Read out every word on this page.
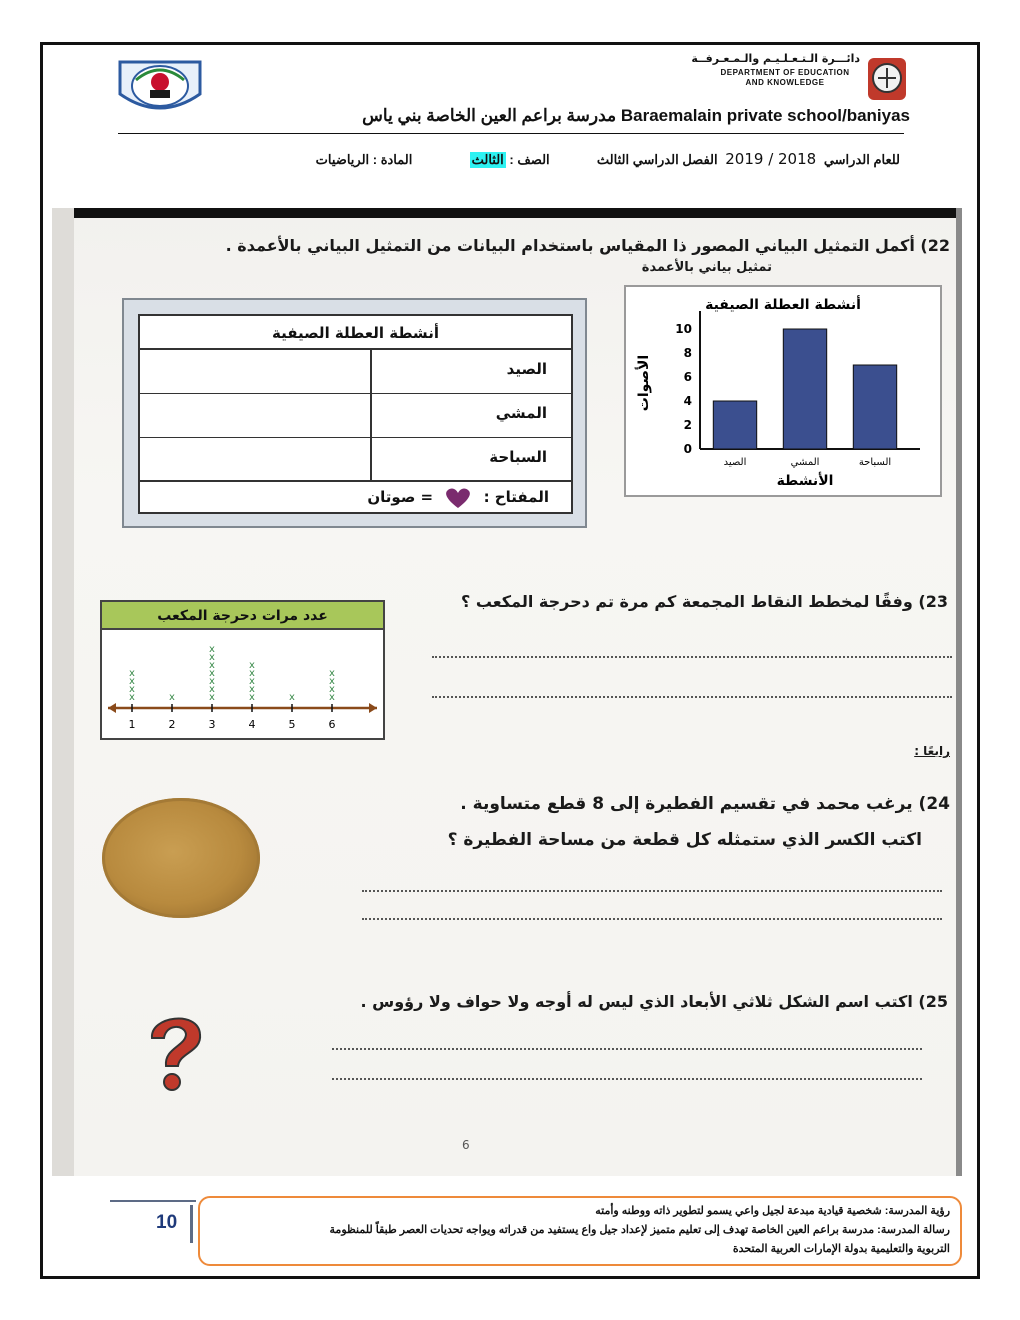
دائـــرة الـتـعـلـيـم والـمـعـرفــة
DEPARTMENT OF EDUCATION
AND KNOWLEDGE
مدرسة براعم العين الخاصة بني ياس Baraemalain private school/baniyas
للعام الدراسي 2018 / 2019 الفصل الدراسي الثالث  الصف : الثالث  المادة : الرياضيات
22) أكمل التمثيل البياني المصور ذا المقياس باستخدام البيانات من التمثيل البياني بالأعمدة .
تمثيل بياني بالأعمدة
أنشطة العطلة الصيفية
0
2
4
6
8
10
الصيد	المشي	السباحة
الأنشطة
الأصوات
أنشطة العطلة الصيفية
الصيد
المشي
السباحة
المفتاح :  = صوتان
23) وفقًا لمخطط النقاط المجمعة كم مرة تم دحرجة المكعب ؟
عدد مرات دحرجة المكعب
1
x
x
x
x
2
x
3
x
x
x
x
x
x
x
4
x
x
x
x
x
5
x
6
x
x
x
x
رابعًا :
24) يرغب محمد في تقسيم الفطيرة إلى 8 قطع متساوية .
اكتب الكسر الذي ستمثله كل قطعة من مساحة الفطيرة ؟
25) اكتب اسم الشكل ثلاثي الأبعاد الذي ليس له أوجه ولا حواف ولا رؤوس .
6
10
رؤية المدرسة: شخصية قيادية مبدعة لجيل واعي يسمو لتطوير ذاته ووطنه وأمته
رسالة المدرسة: مدرسة براعم العين الخاصة تهدف إلى تعليم متميز لإعداد جيل واع يستفيد من قدراته ويواجه تحديات العصر طبقاً للمنظومة
التربوية والتعليمية بدولة الإمارات العربية المتحدة
